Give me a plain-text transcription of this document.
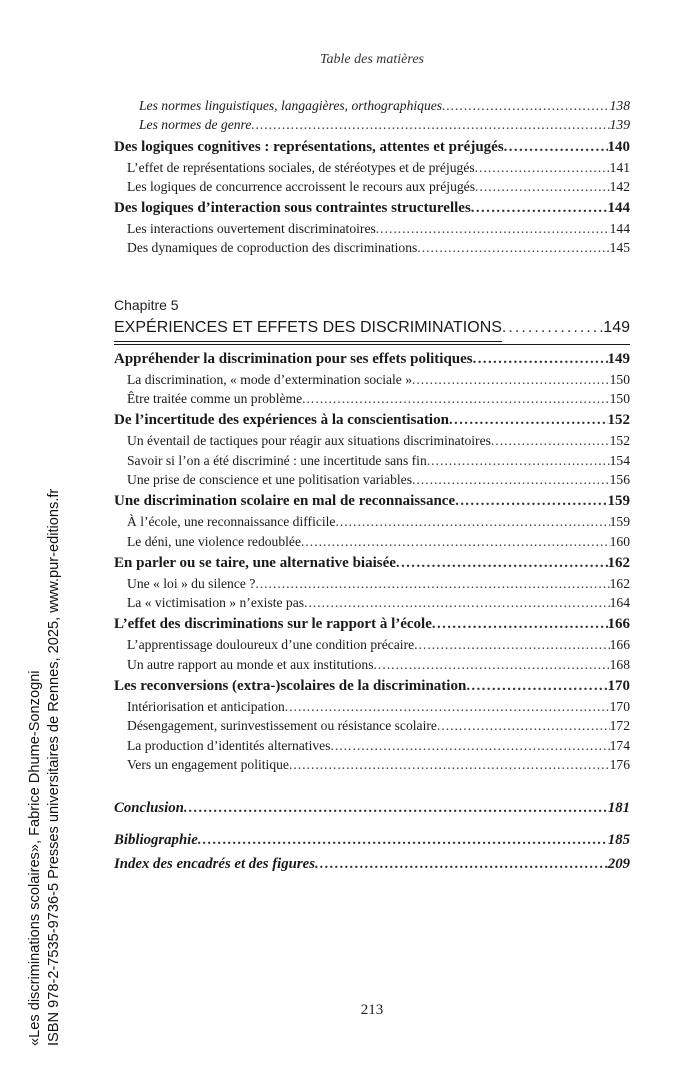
Table des matières
Les normes linguistiques, langagières, orthographiques . . .	138
Les normes de genre . . .	139
Des logiques cognitives : représentations, attentes et préjugés . . .	140
L’effet de représentations sociales, de stéréotypes et de préjugés . . .	141
Les logiques de concurrence accroissent le recours aux préjugés . . .	142
Des logiques d’interaction sous contraintes structurelles . . .	144
Les interactions ouvertement discriminatoires . . .	144
Des dynamiques de coproduction des discriminations . . .	145
Chapitre 5
EXPÉRIENCES ET EFFETS DES DISCRIMINATIONS . . .	149
Appréhender la discrimination pour ses effets politiques . . .	149
La discrimination, « mode d’extermination sociale » . . .	150
Être traitée comme un problème . . .	150
De l’incertitude des expériences à la conscientisation . . .	152
Un éventail de tactiques pour réagir aux situations discriminatoires . . .	152
Savoir si l’on a été discriminé : une incertitude sans fin . . .	154
Une prise de conscience et une politisation variables . . .	156
Une discrimination scolaire en mal de reconnaissance . . .	159
À l’école, une reconnaissance difficile . . .	159
Le déni, une violence redoublée . . .	160
En parler ou se taire, une alternative biaisée . . .	162
Une « loi » du silence ? . . .	162
La « victimisation » n’existe pas . . .	164
L’effet des discriminations sur le rapport à l’école . . .	166
L’apprentissage douloureux d’une condition précaire . . .	166
Un autre rapport au monde et aux institutions . . .	168
Les reconversions (extra-)scolaires de la discrimination . . .	170
Intériorisation et anticipation . . .	170
Désengagement, surinvestissement ou résistance scolaire . . .	172
La production d’identités alternatives . . .	174
Vers un engagement politique . . .	176
Conclusion . . .	181
Bibliographie . . .	185
Index des encadrés et des figures . . .	209
«Les discriminations scolaires», Fabrice Dhume-Sonzogni ISBN 978-2-7535-9736-5 Presses universitaires de Rennes, 2025, www.pur-editions.fr	213
